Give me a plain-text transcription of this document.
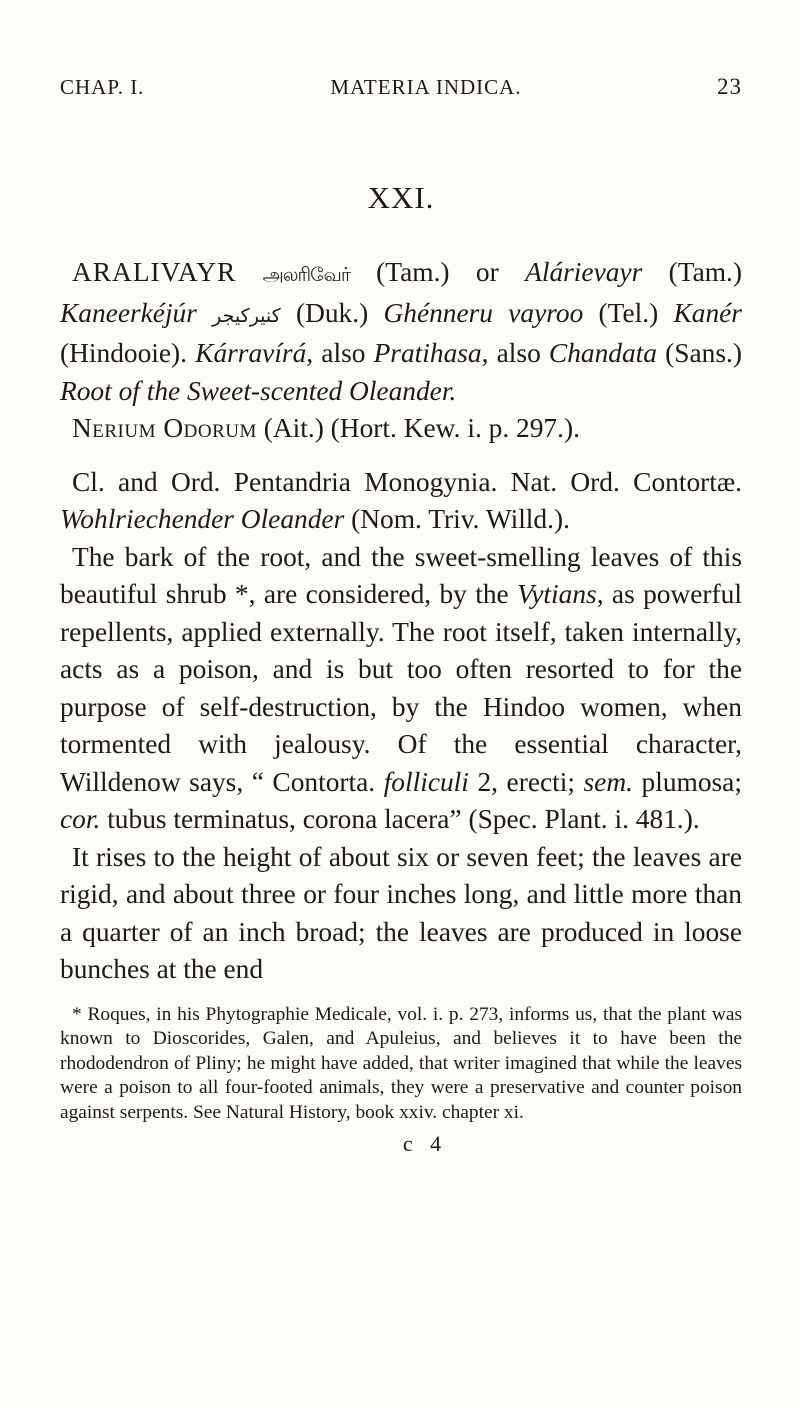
CHAP. I.	MATERIA INDICA.	23
XXI.

ARALIVAYR அலரிவேர் (Tam.) or Alárievayr (Tam.) Kaneerkéjúr کنیرکیجر (Duk.) Ghénneru vayroo (Tel.) Kanér (Hindooie). Kárravírá, also Pratihasa, also Chandata (Sans.) Root of the Sweet-scented Oleander.

Nerium Odorum (Ait.) (Hort. Kew. i. p. 297.).

Cl. and Ord. Pentandria Monogynia. Nat. Ord. Contortæ. Wohlriechender Oleander (Nom. Triv. Willd.).

The bark of the root, and the sweet-smelling leaves of this beautiful shrub *, are considered, by the Vytians, as powerful repellents, applied externally. The root itself, taken internally, acts as a poison, and is but too often resorted to for the purpose of self-destruction, by the Hindoo women, when tormented with jealousy. Of the essential character, Willdenow says, “ Contorta. folliculi 2, erecti; sem. plumosa; cor. tubus terminatus, corona lacera” (Spec. Plant. i. 481.).

It rises to the height of about six or seven feet; the leaves are rigid, and about three or four inches long, and little more than a quarter of an inch broad; the leaves are produced in loose bunches at the end

* Roques, in his Phytographie Medicale, vol. i. p. 273, informs us, that the plant was known to Dioscorides, Galen, and Apuleius, and believes it to have been the rhododendron of Pliny; he might have added, that writer imagined that while the leaves were a poison to all four-footed animals, they were a preservative and counter poison against serpents. See Natural History, book xxiv. chapter xi.

c 4
